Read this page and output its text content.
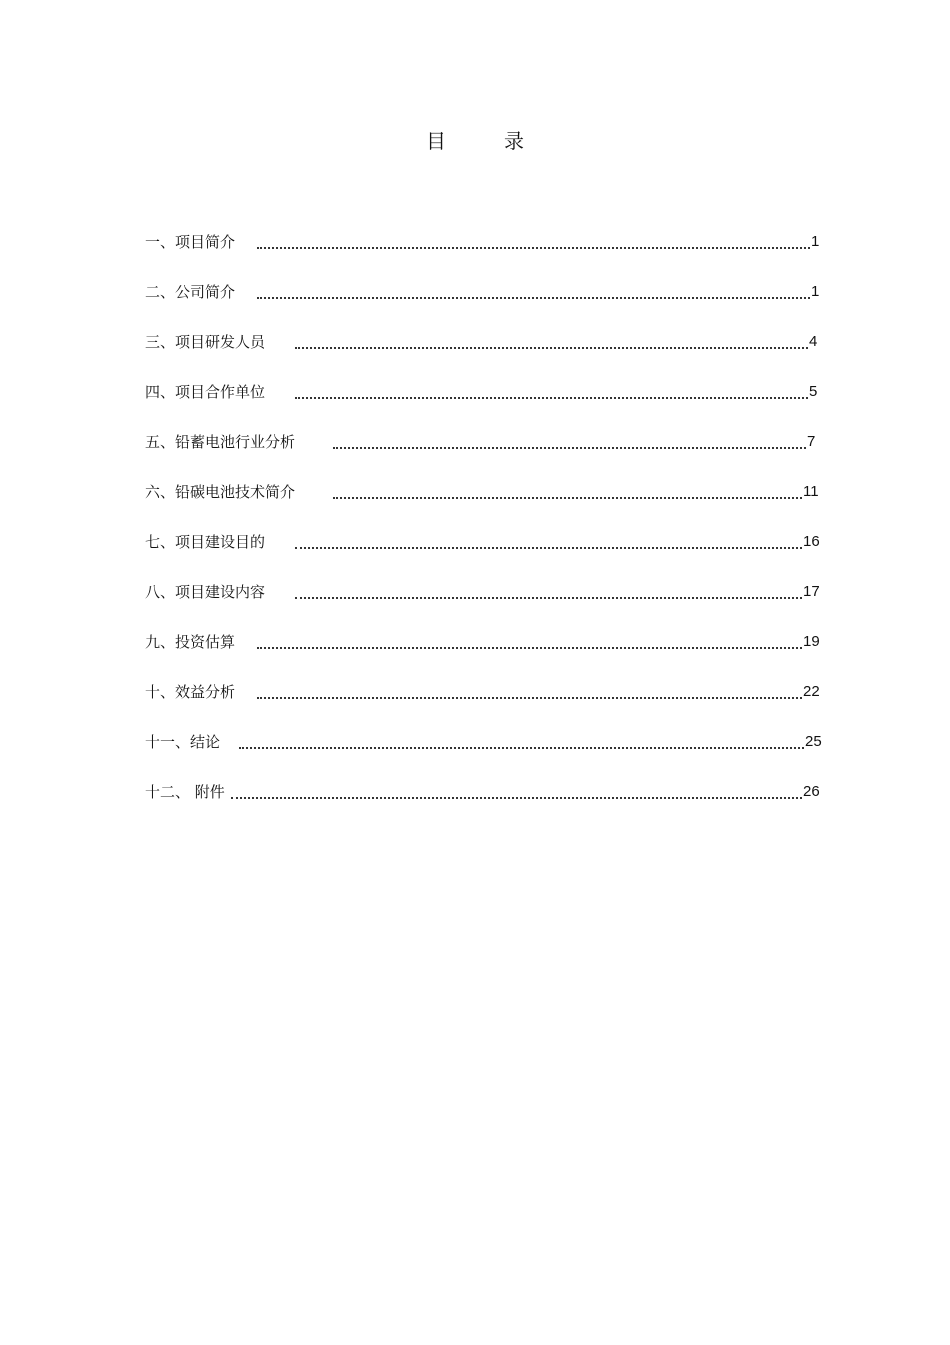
目	录
一、项目简介	1
二、公司简介	1
三、项目研发人员	4
四、项目合作单位	5
五、铅蓄电池行业分析	7
六、铅碳电池技术简介	11
七、项目建设目的	16
八、项目建设内容	17
九、投资估算	19
十、效益分析	22
十一、结论	25
十二、 附件	26
